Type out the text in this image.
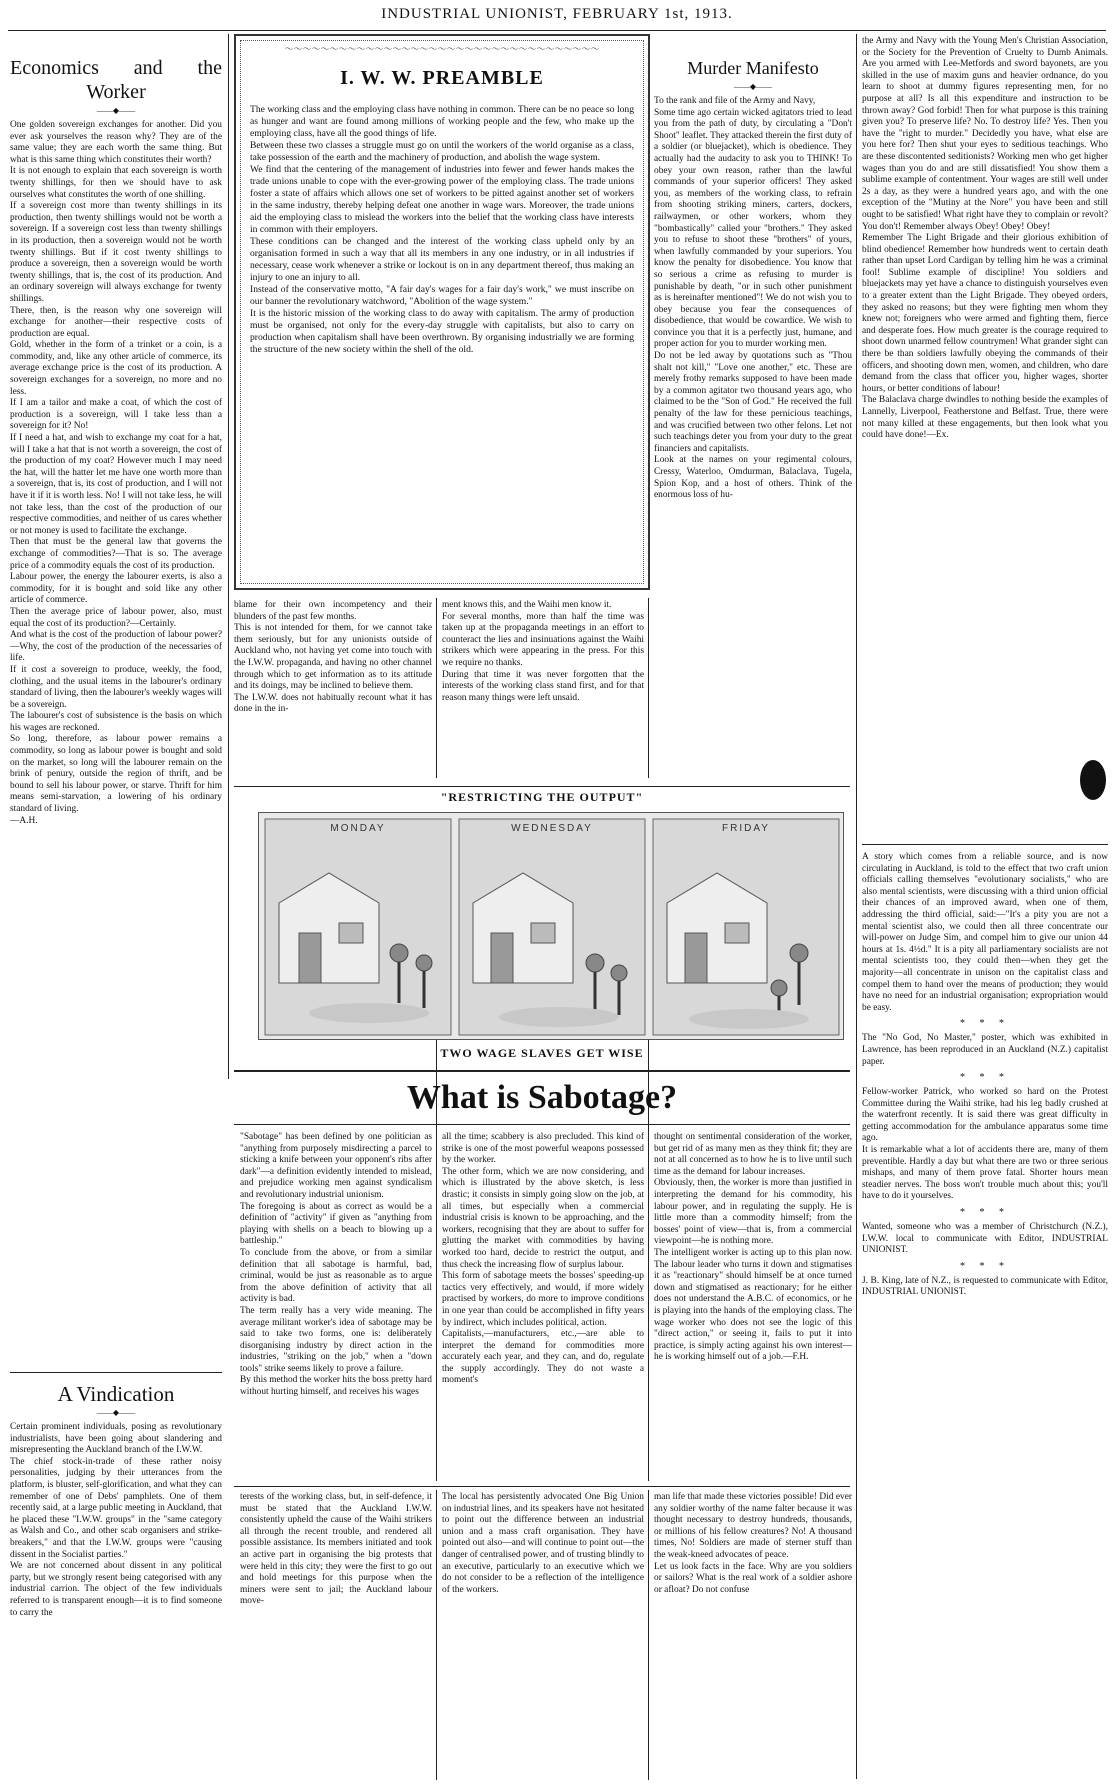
INDUSTRIAL UNIONIST, FEBRUARY 1st, 1913.
Economics and the
Worker
——◆——
One golden sovereign exchanges for another. Did you ever ask yourselves the reason why? They are of the same value; they are each worth the same thing. But what is this same thing which constitutes their worth?
It is not enough to explain that each sovereign is worth twenty shillings, for then we should have to ask ourselves what constitutes the worth of one shilling.
If a sovereign cost more than twenty shillings in its production, then twenty shillings would not be worth a sovereign. If a sovereign cost less than twenty shillings in its production, then a sovereign would not be worth twenty shillings. But if it cost twenty shillings to produce a sovereign, then a sovereign would be worth twenty shillings, that is, the cost of its production. And an ordinary sovereign will always exchange for twenty shillings.
There, then, is the reason why one sovereign will exchange for another—their respective costs of production are equal.
Gold, whether in the form of a trinket or a coin, is a commodity, and, like any other article of commerce, its average exchange price is the cost of its production. A sovereign exchanges for a sovereign, no more and no less.
If I am a tailor and make a coat, of which the cost of production is a sovereign, will I take less than a sovereign for it? No!
If I need a hat, and wish to exchange my coat for a hat, will I take a hat that is not worth a sovereign, the cost of the production of my coat? However much I may need the hat, will the hatter let me have one worth more than a sovereign, that is, its cost of production, and I will not have it if it is worth less. No! I will not take less, he will not take less, than the cost of the production of our respective commodities, and neither of us cares whether or not money is used to facilitate the exchange.
Then that must be the general law that governs the exchange of commodities?—That is so. The average price of a commodity equals the cost of its production.
Labour power, the energy the labourer exerts, is also a commodity, for it is bought and sold like any other article of commerce.
Then the average price of labour power, also, must equal the cost of its production?—Certainly.
And what is the cost of the production of labour power?—Why, the cost of the production of the necessaries of life.
If it cost a sovereign to produce, weekly, the food, clothing, and the usual items in the labourer's ordinary standard of living, then the labourer's weekly wages will be a sovereign.
The labourer's cost of subsistence is the basis on which his wages are reckoned.
So long, therefore, as labour power remains a commodity, so long as labour power is bought and sold on the market, so long will the labourer remain on the brink of penury, outside the region of thrift, and be bound to sell his labour power, or starve. Thrift for him means semi-starvation, a lowering of his ordinary standard of living.
—A.H.
A Vindication
——◆——
Certain prominent individuals, posing as revolutionary industrialists, have been going about slandering and misrepresenting the Auckland branch of the I.W.W.
The chief stock-in-trade of these rather noisy personalities, judging by their utterances from the platform, is bluster, self-glorification, and what they can remember of one of Debs' pamphlets. One of them recently said, at a large public meeting in Auckland, that he placed these "I.W.W. groups" in the "same category as Walsh and Co., and other scab organisers and strike-breakers," and that the I.W.W. groups were "causing dissent in the Socialist parties."
We are not concerned about dissent in any political party, but we strongly resent being categorised with any industrial carrion. The object of the few individuals referred to is transparent enough—it is to find someone to carry the
〜〜〜〜〜〜〜〜〜〜〜〜〜〜〜〜〜〜〜〜〜〜〜〜〜〜〜〜〜〜〜〜〜〜〜
I. W. W. PREAMBLE
The working class and the employing class have nothing in common. There can be no peace so long as hunger and want are found among millions of working people and the few, who make up the employing class, have all the good things of life.
Between these two classes a struggle must go on until the workers of the world organise as a class, take possession of the earth and the machinery of production, and abolish the wage system.
We find that the centering of the management of industries into fewer and fewer hands makes the trade unions unable to cope with the ever-growing power of the employing class. The trade unions foster a state of affairs which allows one set of workers to be pitted against another set of workers in the same industry, thereby helping defeat one another in wage wars. Moreover, the trade unions aid the employing class to mislead the workers into the belief that the working class have interests in common with their employers.
These conditions can be changed and the interest of the working class upheld only by an organisation formed in such a way that all its members in any one industry, or in all industries if necessary, cease work whenever a strike or lockout is on in any department thereof, thus making an injury to one an injury to all.
Instead of the conservative motto, "A fair day's wages for a fair day's work," we must inscribe on our banner the revolutionary watchword, "Abolition of the wage system."
It is the historic mission of the working class to do away with capitalism. The army of production must be organised, not only for the every-day struggle with capitalists, but also to carry on production when capitalism shall have been overthrown. By organising industrially we are forming the structure of the new society within the shell of the old.
blame for their own incompetency and their blunders of the past few months.
This is not intended for them, for we cannot take them seriously, but for any unionists outside of Auckland who, not having yet come into touch with the I.W.W. propaganda, and having no other channel through which to get information as to its attitude and its doings, may be inclined to believe them.
The I.W.W. does not habitually recount what it has done in the in-
ment knows this, and the Waihi men know it.
For several months, more than half the time was taken up at the propaganda meetings in an effort to counteract the lies and insinuations against the Waihi strikers which were appearing in the press. For this we require no thanks.
During that time it was never forgotten that the interests of the working class stand first, and for that reason many things were left unsaid.
Murder Manifesto
——◆——
To the rank and file of the Army and Navy,
Some time ago certain wicked agitators tried to lead you from the path of duty, by circulating a "Don't Shoot" leaflet. They attacked therein the first duty of a soldier (or bluejacket), which is obedience. They actually had the audacity to ask you to THINK! To obey your own reason, rather than the lawful commands of your superior officers! They asked you, as members of the working class, to refrain from shooting striking miners, carters, dockers, railwaymen, or other workers, whom they "bombastically" called your "brothers." They asked you to refuse to shoot these "brothers" of yours, when lawfully commanded by your superiors. You know the penalty for disobedience. You know that so serious a crime as refusing to murder is punishable by death, "or in such other punishment as is hereinafter mentioned"! We do not wish you to obey because you fear the consequences of disobedience, that would be cowardice. We wish to convince you that it is a perfectly just, humane, and proper action for you to murder working men.
Do not be led away by quotations such as "Thou shalt not kill," "Love one another," etc. These are merely frothy remarks supposed to have been made by a common agitator two thousand years ago, who claimed to be the "Son of God." He received the full penalty of the law for these pernicious teachings, and was crucified between two other felons. Let not such teachings deter you from your duty to the great financiers and capitalists.
Look at the names on your regimental colours, Cressy, Waterloo, Omdurman, Balaclava, Tugela, Spion Kop, and a host of others. Think of the enormous loss of hu-
the Army and Navy with the Young Men's Christian Association, or the Society for the Prevention of Cruelty to Dumb Animals. Are you armed with Lee-Metfords and sword bayonets, are you skilled in the use of maxim guns and heavier ordnance, do you learn to shoot at dummy figures representing men, for no purpose at all? Is all this expenditure and instruction to be thrown away? God forbid! Then for what purpose is this training given you? To preserve life? No. To destroy life? Yes. Then you have the "right to murder." Decidedly you have, what else are you here for? Then shut your eyes to seditious teachings. Who are these discontented seditionists? Working men who get higher wages than you do and are still dissatisfied! You show them a sublime example of contentment. Your wages are still well under 2s a day, as they were a hundred years ago, and with the one exception of the "Mutiny at the Nore" you have been and still ought to be satisfied! What right have they to complain or revolt? You don't! Remember always Obey! Obey! Obey!
Remember The Light Brigade and their glorious exhibition of blind obedience! Remember how hundreds went to certain death rather than upset Lord Cardigan by telling him he was a criminal fool! Sublime example of discipline! You soldiers and bluejackets may yet have a chance to distinguish yourselves even to a greater extent than the Light Brigade. They obeyed orders, they asked no reasons; but they were fighting men whom they knew not; foreigners who were armed and fighting them, fierce and desperate foes. How much greater is the courage required to shoot down unarmed fellow countrymen! What grander sight can there be than soldiers lawfully obeying the commands of their officers, and shooting down men, women, and children, who dare demand from the class that officer you, higher wages, shorter hours, or better conditions of labour!
The Balaclava charge dwindles to nothing beside the examples of Lannelly, Liverpool, Featherstone and Belfast. True, there were not many killed at these engagements, but then look what you could have done!—Ex.
"RESTRICTING THE OUTPUT"
MONDAY	WEDNESDAY	FRIDAY
TWO WAGE SLAVES GET WISE
What is Sabotage?
"Sabotage" has been defined by one politician as "anything from purposely misdirecting a parcel to sticking a knife between your opponent's ribs after dark"—a definition evidently intended to mislead, and prejudice working men against syndicalism and revolutionary industrial unionism.
The foregoing is about as correct as would be a definition of "activity" if given as "anything from playing with shells on a beach to blowing up a battleship."
To conclude from the above, or from a similar definition that all sabotage is harmful, bad, criminal, would be just as reasonable as to argue from the above definition of activity that all activity is bad.
The term really has a very wide meaning. The average militant worker's idea of sabotage may be said to take two forms, one is: deliberately disorganising industry by direct action in the industries, "striking on the job," when a "down tools" strike seems likely to prove a failure.
By this method the worker hits the boss pretty hard without hurting himself, and receives his wages
all the time; scabbery is also precluded. This kind of strike is one of the most powerful weapons possessed by the worker.
The other form, which we are now considering, and which is illustrated by the above sketch, is less drastic; it consists in simply going slow on the job, at all times, but especially when a commercial industrial crisis is known to be approaching, and the workers, recognising that they are about to suffer for glutting the market with commodities by having worked too hard, decide to restrict the output, and thus check the increasing flow of surplus labour.
This form of sabotage meets the bosses' speeding-up tactics very effectively, and would, if more widely practised by workers, do more to improve conditions in one year than could be accomplished in fifty years by indirect, which includes political, action.
Capitalists,—manufacturers, etc.,—are able to interpret the demand for commodities more accurately each year, and they can, and do, regulate the supply accordingly. They do not waste a moment's
thought on sentimental consideration of the worker, but get rid of as many men as they think fit; they are not at all concerned as to how he is to live until such time as the demand for labour increases.
Obviously, then, the worker is more than justified in interpreting the demand for his commodity, his labour power, and in regulating the supply. He is little more than a commodity himself; from the bosses' point of view—that is, from a commercial viewpoint—he is nothing more.
The intelligent worker is acting up to this plan now. The labour leader who turns it down and stigmatises it as "reactionary" should himself be at once turned down and stigmatised as reactionary; for he either does not understand the A.B.C. of economics, or he is playing into the hands of the employing class. The wage worker who does not see the logic of this "direct action," or seeing it, fails to put it into practice, is simply acting against his own interest—he is working himself out of a job.—F.H.
terests of the working class, but, in self-defence, it must be stated that the Auckland I.W.W. consistently upheld the cause of the Waihi strikers all through the recent trouble, and rendered all possible assistance. Its members initiated and took an active part in organising the big protests that were held in this city; they were the first to go out and hold meetings for this purpose when the miners were sent to jail; the Auckland labour move-
The local has persistently advocated One Big Union on industrial lines, and its speakers have not hesitated to point out the difference between an industrial union and a mass craft organisation. They have pointed out also—and will continue to point out—the danger of centralised power, and of trusting blindly to an executive, particularly to an executive which we do not consider to be a reflection of the intelligence of the workers.
man life that made these victories possible! Did ever any soldier worthy of the name falter because it was thought necessary to destroy hundreds, thousands, or millions of his fellow creatures? No! A thousand times, No! Soldiers are made of sterner stuff than the weak-kneed advocates of peace.
Let us look facts in the face. Why are you soldiers or sailors? What is the real work of a soldier ashore or afloat? Do not confuse
A story which comes from a reliable source, and is now circulating in Auckland, is told to the effect that two craft union officials calling themselves "evolutionary socialists," who are also mental scientists, were discussing with a third union official their chances of an improved award, when one of them, addressing the third official, said:—"It's a pity you are not a mental scientist also, we could then all three concentrate our will-power on Judge Sim, and compel him to give our union 44 hours at 1s. 4½d." It is a pity all parliamentary socialists are not mental scientists too, they could then—when they get the majority—all concentrate in unison on the capitalist class and compel them to hand over the means of production; they would have no need for an industrial organisation; expropriation would be easy.
* * *
The "No God, No Master," poster, which was exhibited in Lawrence, has been reproduced in an Auckland (N.Z.) capitalist paper.
* * *
Fellow-worker Patrick, who worked so hard on the Protest Committee during the Waihi strike, had his leg badly crushed at the waterfront recently. It is said there was great difficulty in getting accommodation for the ambulance apparatus some time ago.
It is remarkable what a lot of accidents there are, many of them preventible. Hardly a day but what there are two or three serious mishaps, and many of them prove fatal. Shorter hours mean steadier nerves. The boss won't trouble much about this; you'll have to do it yourselves.
* * *
Wanted, someone who was a member of Christchurch (N.Z.), I.W.W. local to communicate with Editor, INDUSTRIAL UNIONIST.
* * *
J. B. King, late of N.Z., is requested to communicate with Editor, INDUSTRIAL UNIONIST.
